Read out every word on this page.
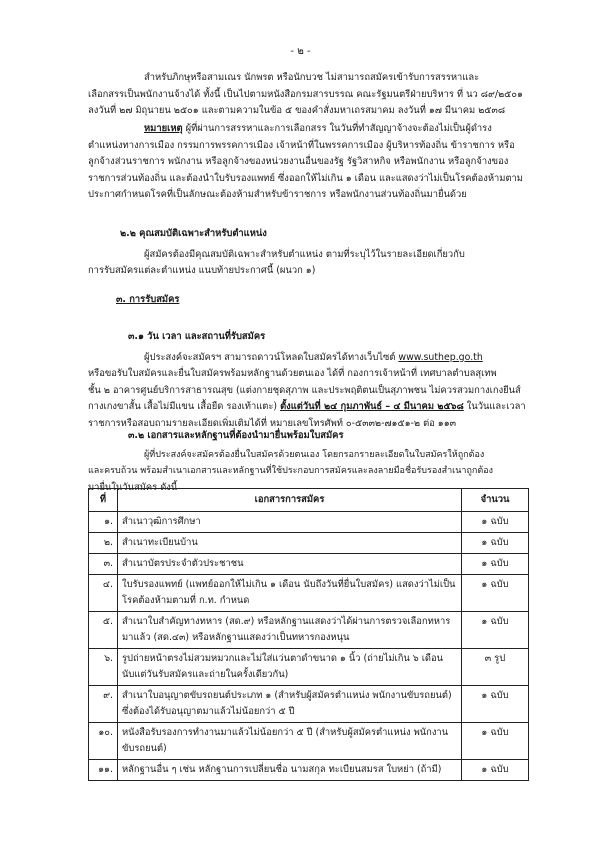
- ๒ -
สำหรับภิกษุหรือสามเณร นักพรต หรือนักบวช ไม่สามารถสมัครเข้ารับการสรรหาและ
เลือกสรรเป็นพนักงานจ้างได้ ทั้งนี้ เป็นไปตามหนังสือกรมสารบรรณ คณะรัฐมนตรีฝ่ายบริหาร ที่ นว ๘๙/๒๕๐๑
ลงวันที่ ๒๗ มิถุนายน ๒๕๐๑ และตามความในข้อ ๕ ของคำสั่งมหาเถรสมาคม ลงวันที่ ๑๗ มีนาคม ๒๕๓๘
หมายเหตุ ผู้ที่ผ่านการสรรหาและการเลือกสรร ในวันที่ทำสัญญาจ้างจะต้องไม่เป็นผู้ดำรง
ตำแหน่งทางการเมือง กรรมการพรรคการเมือง เจ้าหน้าที่ในพรรคการเมือง ผู้บริหารท้องถิ่น ข้าราชการ หรือ
ลูกจ้างส่วนราชการ พนักงาน หรือลูกจ้างของหน่วยงานอื่นของรัฐ รัฐวิสาหกิจ หรือพนักงาน หรือลูกจ้างของ
ราชการส่วนท้องถิ่น และต้องนำใบรับรองแพทย์ ซึ่งออกให้ไม่เกิน ๑ เดือน และแสดงว่าไม่เป็นโรคต้องห้ามตาม
ประกาศกำหนดโรคที่เป็นลักษณะต้องห้ามสำหรับข้าราชการ หรือพนักงานส่วนท้องถิ่นมายื่นด้วย
๒.๒ คุณสมบัติเฉพาะสำหรับตำแหน่ง
ผู้สมัครต้องมีคุณสมบัติเฉพาะสำหรับตำแหน่ง ตามที่ระบุไว้ในรายละเอียดเกี่ยวกับ
การรับสมัครแต่ละตำแหน่ง แนบท้ายประกาศนี้ (ผนวก ๑)
๓. การรับสมัคร
๓.๑ วัน เวลา และสถานที่รับสมัคร
ผู้ประสงค์จะสมัครฯ สามารถดาวน์โหลดใบสมัครได้ทางเว็บไซต์ www.suthep.go.th
หรือขอรับใบสมัครและยื่นใบสมัครพร้อมหลักฐานด้วยตนเอง ได้ที่ กองการเจ้าหน้าที่ เทศบาลตำบลสุเทพ
ชั้น ๒ อาคารศูนย์บริการสาธารณสุข (แต่งกายชุดสุภาพ และประพฤติตนเป็นสุภาพชน ไม่ควรสวมกางเกงยีนส์
กางเกงขาสั้น เสื้อไม่มีแขน เสื้อยืด รองเท้าแตะ) ตั้งแต่วันที่ ๒๔ กุมภาพันธ์ – ๔ มีนาคม ๒๕๖๘ ในวันและเวลา
ราชการหรือสอบถามรายละเอียดเพิ่มเติมได้ที่ หมายเลขโทรศัพท์ ๐-๕๓๓๒-๗๑๕๑-๒ ต่อ ๑๑๓
๓.๒ เอกสารและหลักฐานที่ต้องนำมายื่นพร้อมใบสมัคร
ผู้ที่ประสงค์จะสมัครต้องยื่นใบสมัครด้วยตนเอง โดยกรอกรายละเอียดในใบสมัครให้ถูกต้อง
และครบถ้วน พร้อมสำเนาเอกสารและหลักฐานที่ใช้ประกอบการสมัครและลงลายมือชื่อรับรองสำเนาถูกต้อง
มายื่นในวันสมัคร ดังนี้
ที่	เอกสารการสมัคร	จำนวน
๑.	สำเนาวุฒิการศึกษา	๑ ฉบับ
๒.	สำเนาทะเบียนบ้าน	๑ ฉบับ
๓.	สำเนาบัตรประจำตัวประชาชน	๑ ฉบับ
๔.	ใบรับรองแพทย์ (แพทย์ออกให้ไม่เกิน ๑ เดือน นับถึงวันที่ยื่นใบสมัคร) แสดงว่าไม่เป็นโรคต้องห้ามตามที่ ก.ท. กำหนด	๑ ฉบับ
๕.	สำเนาใบสำคัญทางทหาร (สด.๙) หรือหลักฐานแสดงว่าได้ผ่านการตรวจเลือกทหารมาแล้ว (สด.๔๓) หรือหลักฐานแสดงว่าเป็นทหารกองหนุน	๑ ฉบับ
๖.	รูปถ่ายหน้าตรงไม่สวมหมวกและไม่ใส่แว่นตาดำขนาด ๑ นิ้ว (ถ่ายไม่เกิน ๖ เดือน นับแต่วันรับสมัครและถ่ายในครั้งเดียวกัน)	๓ รูป
๙.	สำเนาใบอนุญาตขับรถยนต์ประเภท ๑ (สำหรับผู้สมัครตำแหน่ง พนักงานขับรถยนต์) ซึ่งต้องได้รับอนุญาตมาแล้วไม่น้อยกว่า ๕ ปี	๑ ฉบับ
๑๐.	หนังสือรับรองการทำงานมาแล้วไม่น้อยกว่า ๕ ปี (สำหรับผู้สมัครตำแหน่ง พนักงานขับรถยนต์)	๑ ฉบับ
๑๑.	หลักฐานอื่น ๆ เช่น หลักฐานการเปลี่ยนชื่อ นามสกุล ทะเบียนสมรส ใบหย่า (ถ้ามี)	๑ ฉบับ
